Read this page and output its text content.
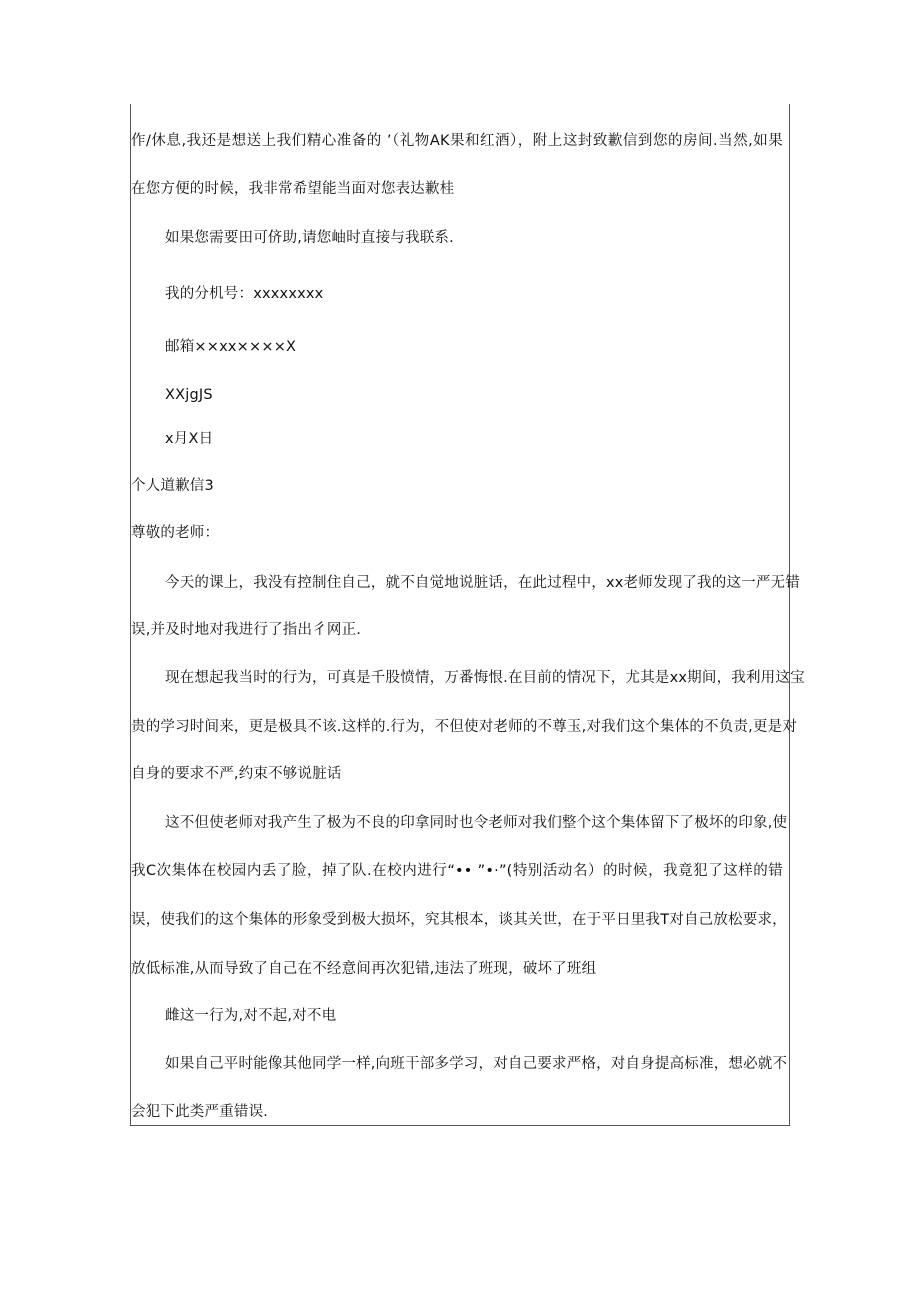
作/休息,我还是想送上我们精心准备的 ’（礼物AK果和红酒），附上这封致歉信到您的房间.当然,如果
在您方便的时候，我非常希望能当面对您表达歉桂
如果您需要田可侪助,请您岫时直接与我联系.
我的分机号：xxxxxxxx
邮箱××xx××××X
XXjgJS
x月X日
个人道歉信3
尊敬的老师：
今天的课上，我没有控制住自己，就不自觉地说脏话，在此过程中，xx老师发现了我的这一严无错
误,并及时地对我进行了指出彳网正.
现在想起我当时的行为，可真是千股愤情，万番悔恨.在目前的情况下，尤其是xx期间，我利用这宝
贵的学习时间来，更是极具不该.这样的.行为，不但使对老师的不尊玉,对我们这个集体的不负责,更是对
自身的要求不严,约束不够说脏话
这不但使老师对我产生了极为不良的印拿同时也令老师对我们整个这个集体留下了极坏的印象,使
我C次集体在校园内丢了脸，掉了队.在校内进行“•• ”•·”(特别活动名）的时候，我竟犯了这样的错
误，使我们的这个集体的形象受到极大损坏，究其根本，谈其关世，在于平日里我T对自己放松要求，
放低标准,从而导致了自己在不经意间再次犯错,违法了班现，破坏了班组
雌这一行为,对不起,对不电
如果自己平时能像其他同学一样,向班干部多学习，对自己要求严格，对自身提高标准，想必就不
会犯下此类严重错误.
